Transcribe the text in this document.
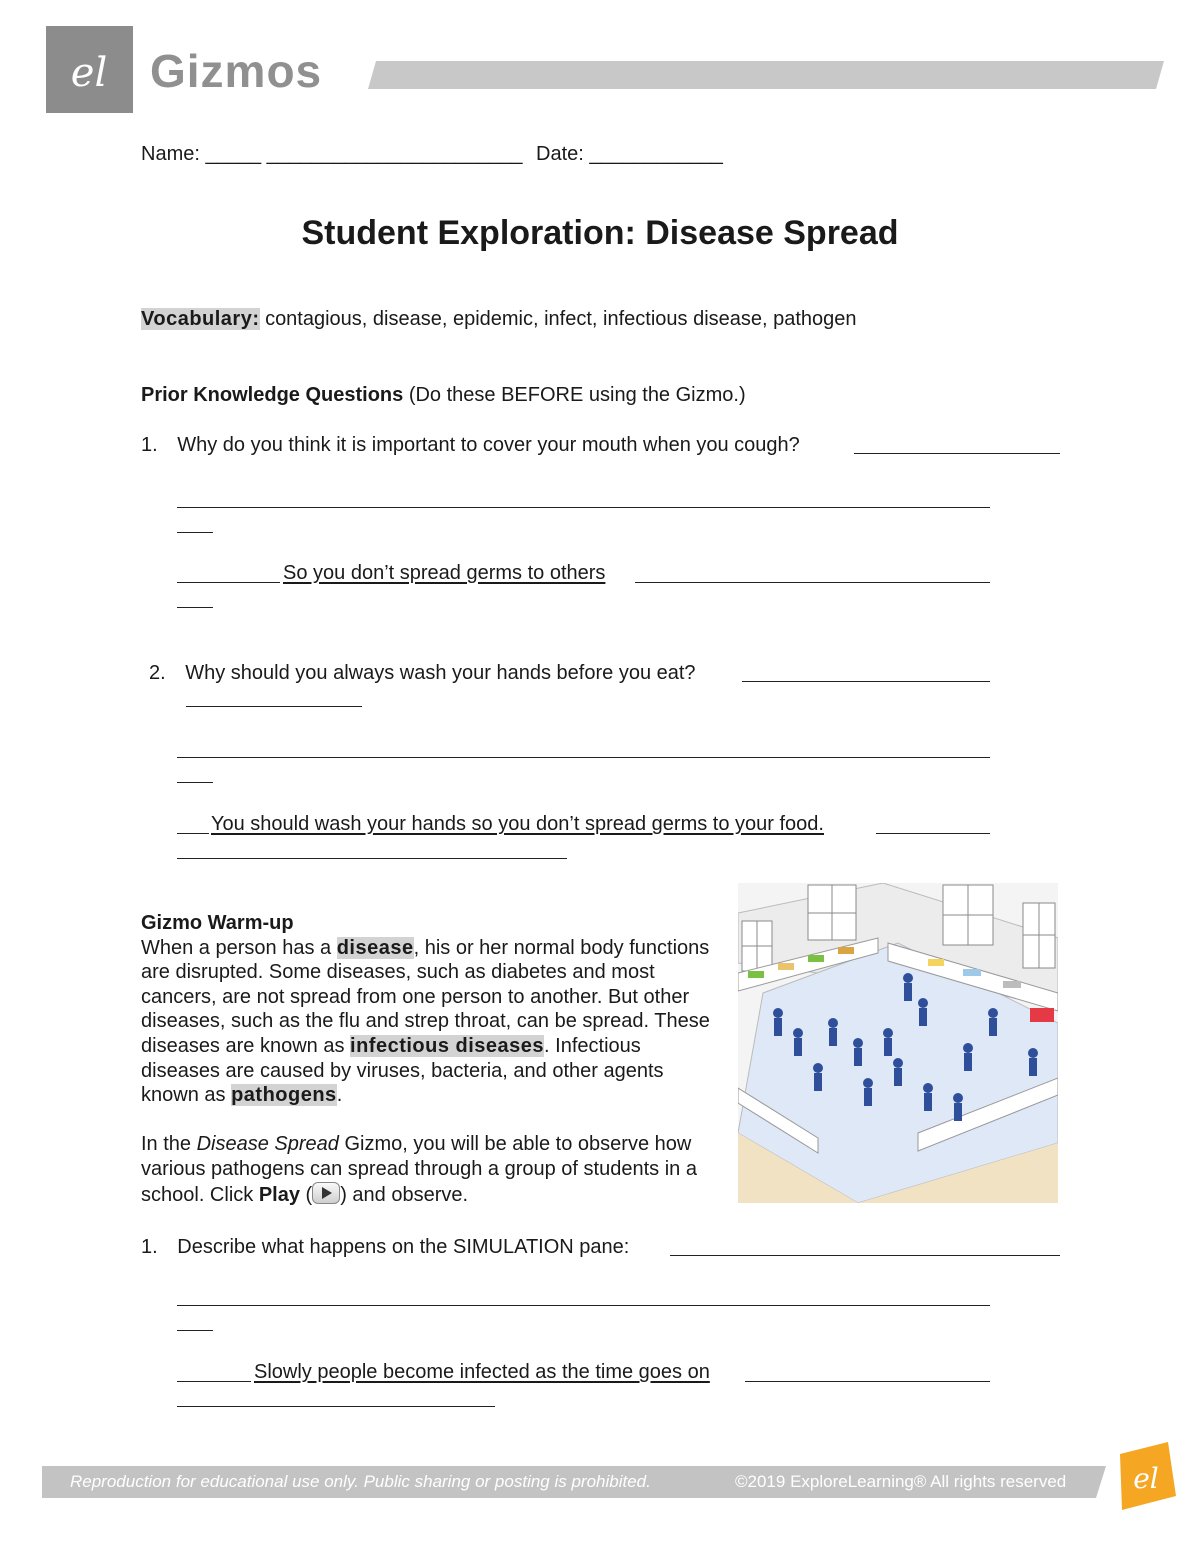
el Gizmos
Name: _____ _______________________ Date: ____________
Student Exploration: Disease Spread
Vocabulary: contagious, disease, epidemic, infect, infectious disease, pathogen
Prior Knowledge Questions (Do these BEFORE using the Gizmo.)
1. Why do you think it is important to cover your mouth when you cough?
So you don’t spread germs to others
2. Why should you always wash your hands before you eat?
You should wash your hands so you don’t spread germs to your food.

Gizmo Warm-up

When a person has a disease, his or her normal body functions are disrupted. Some diseases, such as diabetes and most cancers, are not spread from one person to another. But other diseases, such as the flu and strep throat, can be spread. These diseases are known as infectious diseases. Infectious diseases are caused by viruses, bacteria, and other agents known as pathogens.

In the Disease Spread Gizmo, you will be able to observe how various pathogens can spread through a group of students in a school. Click Play ( ) and observe.

1. Describe what happens on the SIMULATION pane:
Slowly people become infected as the time goes on
Reproduction for educational use only. Public sharing or posting is prohibited.	©2019 ExploreLearning® All rights reserved el
